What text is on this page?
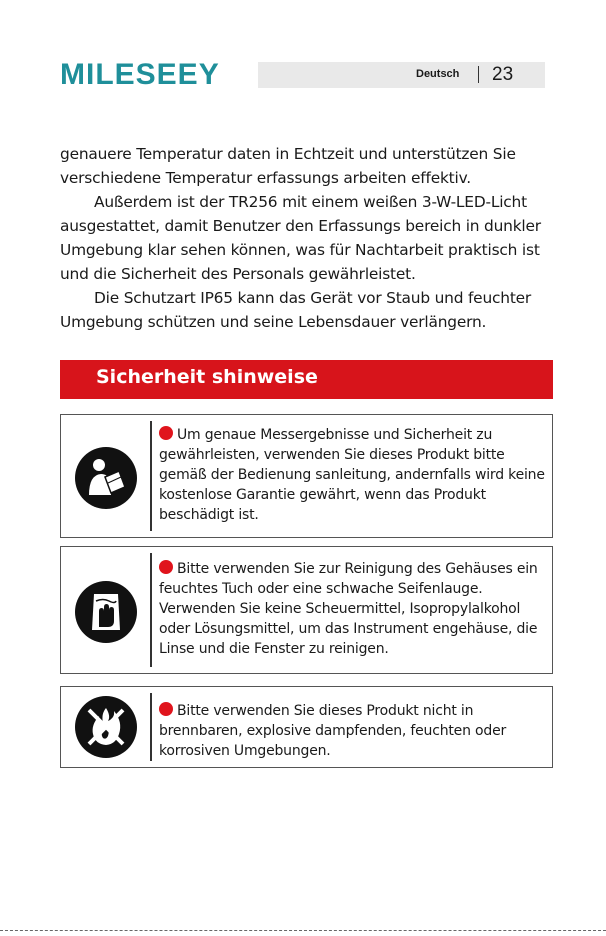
MILESEEY	Deutsch 23

genauere Temperatur daten in Echtzeit und unterstützen Sie verschiedene Temperatur erfassungs arbeiten effektiv.

Außerdem ist der TR256 mit einem weißen 3-W-LED-Licht ausgestattet, damit Benutzer den Erfassungs bereich in dunkler Umgebung klar sehen können, was für Nachtarbeit praktisch ist und die Sicherheit des Personals gewährleistet.

Die Schutzart IP65 kann das Gerät vor Staub und feuchter Umgebung schützen und seine Lebensdauer verlängern.

Sicherheit shinweise
Um genaue Messergebnisse und Sicherheit zu gewährleisten, verwenden Sie dieses Produkt bitte gemäß der Bedienung sanleitung, andernfalls wird keine kostenlose Garantie gewährt, wenn das Produkt beschädigt ist.
Bitte verwenden Sie zur Reinigung des Gehäuses ein feuchtes Tuch oder eine schwache Seifenlauge. Verwenden Sie keine Scheuermittel, Isopropylalkohol oder Lösungsmittel, um das Instrument engehäuse, die Linse und die Fenster zu reinigen.
Bitte verwenden Sie dieses Produkt nicht in brennbaren, explosive dampfenden, feuchten oder korrosiven Umgebungen.
